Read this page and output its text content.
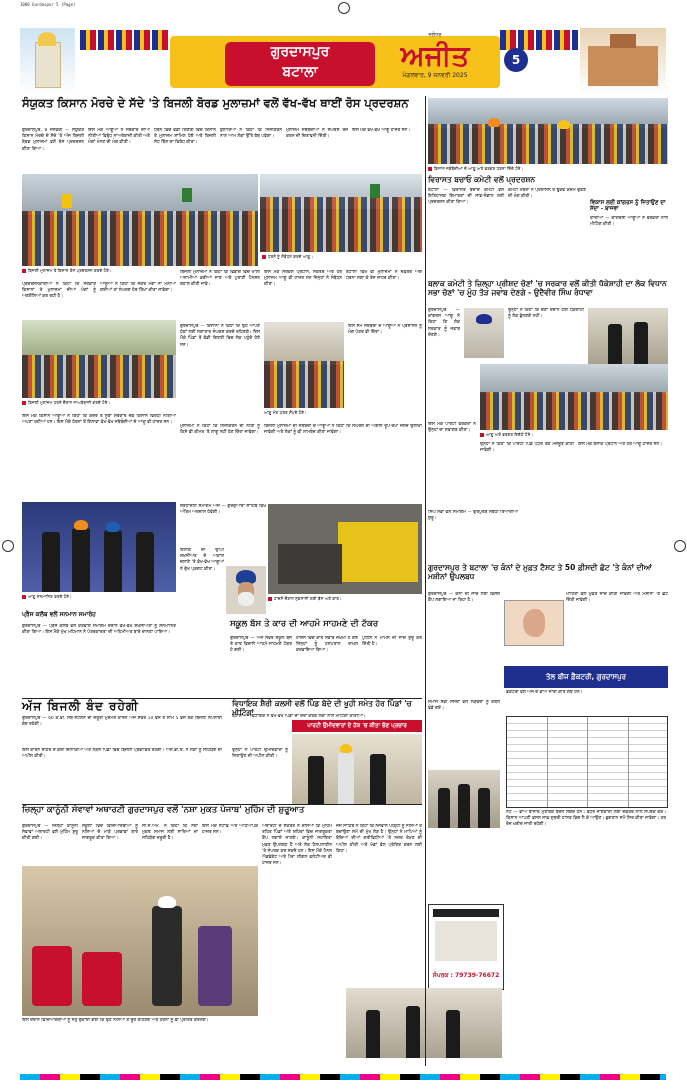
1000 Gurdaspur 5 (Page)
ਗੁਰਦਾਸਪੁਰ
ਬਟਾਲਾ
ਜਲੰਧਰ
ਅਜੀਤ
ਮੰਗਲਵਾਰ, 9 ਜਨਵਰੀ 2025
5
ਸੰਯੁਕਤ ਕਿਸਾਨ ਮੋਰਚੇ ਦੇ ਸੱਦੇ 'ਤੇ ਬਿਜਲੀ ਬੋਰਡ ਮੁਲਾਜ਼ਮਾਂ ਵਲੋਂ ਵੱਖ-ਵੱਖ ਥਾਈਂ ਰੋਸ ਪ੍ਰਦਰਸ਼ਨ
ਗੁਰਦਾਸਪੁਰ, 8 ਜਨਵਰੀ — ਸੰਯੁਕਤ ਕਿਸਾਨ ਮੋਰਚੇ ਦੇ ਸੱਦੇ 'ਤੇ ਅੱਜ ਬਿਜਲੀ ਬੋਰਡ ਮੁਲਾਜ਼ਮਾਂ ਵਲੋਂ ਰੋਸ ਪ੍ਰਦਰਸ਼ਨ ਕੀਤਾ ਗਿਆ।
ਇਸ ਮੌਕੇ ਆਗੂਆਂ ਨੇ ਸਰਕਾਰ ਦੀਆਂ ਨੀਤੀਆਂ ਵਿਰੁੱਧ ਨਾਅਰੇਬਾਜ਼ੀ ਕੀਤੀ ਅਤੇ ਮੰਗਾਂ ਮੰਨਣ ਦੀ ਮੰਗ ਕੀਤੀ।
ਧਰਨੇ ਵਿਚ ਵੱਡੀ ਗਿਣਤੀ ਵਿਚ ਕਿਸਾਨ ਤੇ ਮੁਲਾਜ਼ਮ ਸ਼ਾਮਿਲ ਹੋਏ ਅਤੇ ਬਿਜਲੀ ਸੋਧ ਬਿੱਲ ਦਾ ਵਿਰੋਧ ਕੀਤਾ।
ਬੁਲਾਰਿਆਂ ਨੇ ਕਿਹਾ ਕਿ ਨਿੱਜੀਕਰਨ ਨਾਲ ਆਮ ਲੋਕਾਂ ਉੱਤੇ ਬੋਝ ਪਵੇਗਾ।
ਮੁਲਾਜ਼ਮ ਜਥੇਬੰਦੀਆਂ ਨੇ ਸੰਘਰਸ਼ ਤੇਜ਼ ਕਰਨ ਦੀ ਚਿਤਾਵਨੀ ਦਿੱਤੀ।
ਇਸ ਮੌਕੇ ਵੱਖ-ਵੱਖ ਆਗੂ ਹਾਜ਼ਰ ਸਨ।
ਧਰਨੇ ਨੂੰ ਸੰਬੋਧਨ ਕਰਦੇ ਆਗੂ।
ਬਿਜਲੀ ਮੁਲਾਜ਼ਮ ਤੇ ਕਿਸਾਨ ਰੋਸ ਪ੍ਰਦਰਸ਼ਨ ਕਰਦੇ ਹੋਏ।
ਪ੍ਰਦਰਸ਼ਨਕਾਰੀਆਂ ਨੇ ਕਿਹਾ ਕਿ ਸਰਕਾਰ ਕਿਸਾਨਾਂ ਤੇ ਮੁਲਾਜ਼ਮਾਂ ਦੀਆਂ ਮੰਗਾਂ ਨੂੰ ਅਣਗੌਲਿਆਂ ਕਰ ਰਹੀ ਹੈ।
ਆਗੂਆਂ ਨੇ ਕਿਹਾ ਕਿ ਜੇਕਰ ਮੰਗਾਂ ਨਾ ਮੰਨੀਆਂ ਗਈਆਂ ਤਾਂ ਸੰਘਰਸ਼ ਹੋਰ ਤਿੱਖਾ ਕੀਤਾ ਜਾਵੇਗਾ।
ਬਿਜਲੀ ਮੁਲਾਜ਼ਮਾਂ ਨੇ ਕਿਹਾ ਕਿ ਵਿਭਾਗ ਵਿਚ ਖਾਲੀ ਅਸਾਮੀਆਂ ਭਰੀਆਂ ਜਾਣ ਅਤੇ ਪੁਰਾਣੀ ਪੈਨਸ਼ਨ ਬਹਾਲ ਕੀਤੀ ਜਾਵੇ।
ਇਸ ਮੌਕੇ ਸਰਕਲ ਪ੍ਰਧਾਨ, ਸਕੱਤਰ ਅਤੇ ਹੋਰ ਮੁਲਾਜ਼ਮ ਆਗੂ ਵੀ ਹਾਜ਼ਰ ਸਨ ਜਿਨ੍ਹਾਂ ਨੇ ਸੰਬੋਧਨ ਕੀਤਾ।
ਬਟਾਲਾ ਵਿਖੇ ਵੀ ਮੁਲਾਜ਼ਮਾਂ ਨੇ ਦਫ਼ਤਰ ਅੱਗੇ ਧਰਨਾ ਲਗਾ ਕੇ ਰੋਸ ਜ਼ਾਹਰ ਕੀਤਾ।
ਬਿਜਲੀ ਮੁਲਾਜ਼ਮ ਧਰਨੇ ਦੌਰਾਨ ਨਾਅਰੇਬਾਜ਼ੀ ਕਰਦੇ ਹੋਏ।
ਗੁਰਦਾਸਪੁਰ — ਕਿਸਾਨਾਂ ਨੇ ਕਿਹਾ ਕਿ ਉਹ ਆਪਣੇ ਹੱਕਾਂ ਲਈ ਲਗਾਤਾਰ ਸੰਘਰਸ਼ ਕਰਦੇ ਰਹਿਣਗੇ। ਇਸ ਮੌਕੇ ਪਿੰਡਾਂ ਤੋਂ ਵੱਡੀ ਗਿਣਤੀ ਵਿਚ ਲੋਕ ਪਹੁੰਚੇ ਹੋਏ ਸਨ।
ਆਗੂ ਮੰਗ ਪੱਤਰ ਸੌਂਪਦੇ ਹੋਏ।
ਇਸ ਸਮੇਂ ਜਥੇਬੰਦੀ ਦੇ ਆਗੂਆਂ ਨੇ ਪ੍ਰਸ਼ਾਸਨ ਨੂੰ ਮੰਗ ਪੱਤਰ ਵੀ ਦਿੱਤਾ।
ਇਸ ਮੌਕੇ ਕਿਸਾਨ ਆਗੂਆਂ ਨੇ ਕਿਹਾ ਕਿ ਕੇਂਦਰ ਤੇ ਸੂਬਾ ਸਰਕਾਰ ਦੋਵੇਂ ਕਿਸਾਨ ਵਿਰੋਧੀ ਨੀਤੀਆਂ ਅਪਣਾ ਰਹੀਆਂ ਹਨ। ਇਸ ਮੌਕੇ ਹੋਰਨਾਂ ਤੋਂ ਇਲਾਵਾ ਵੱਖ-ਵੱਖ ਜਥੇਬੰਦੀਆਂ ਦੇ ਆਗੂ ਵੀ ਹਾਜ਼ਰ ਸਨ।
ਮੁਲਾਜ਼ਮਾਂ ਨੇ ਕਿਹਾ ਕਿ ਨਿੱਜੀਕਰਨ ਦੀ ਨੀਤੀ ਨੂੰ ਕਿਸੇ ਵੀ ਕੀਮਤ 'ਤੇ ਲਾਗੂ ਨਹੀਂ ਹੋਣ ਦਿੱਤਾ ਜਾਵੇਗਾ।
ਬਿਜਲੀ ਮੁਲਾਜ਼ਮਾਂ ਦੀ ਜਥੇਬੰਦੀ ਦੇ ਆਗੂਆਂ ਨੇ ਕਿਹਾ ਕਿ ਸੰਘਰਸ਼ ਦੀ ਅਗਲੀ ਰੂਪ-ਰੇਖਾ ਜਲਦ ਉਲੀਕੀ ਜਾਵੇਗੀ ਅਤੇ ਲੋਕਾਂ ਨੂੰ ਵੀ ਲਾਮਬੰਦ ਕੀਤਾ ਜਾਵੇਗਾ।
ਆਗੂ ਸਨਮਾਨਿਤ ਕਰਦੇ ਹੋਏ।
ਪ੍ਰੈਸ ਕਲੱਬ ਵਲੋਂ ਸਨਮਾਨ ਸਮਾਰੋਹ
ਗੁਰਦਾਸਪੁਰ — ਪ੍ਰੈਸ ਕਲੱਬ ਵਲੋਂ ਕਰਵਾਏ ਸਮਾਗਮ ਦੌਰਾਨ ਵੱਖ-ਵੱਖ ਸ਼ਖ਼ਸੀਅਤਾਂ ਨੂੰ ਸਨਮਾਨਿਤ ਕੀਤਾ ਗਿਆ। ਇਸ ਮੌਕੇ ਮੁੱਖ ਮਹਿਮਾਨ ਨੇ ਪੱਤਰਕਾਰਤਾ ਦੀ ਅਹਿਮੀਅਤ ਬਾਰੇ ਚਾਨਣਾ ਪਾਇਆ।
ਸ਼ਰਧਾਂਜਲੀ ਸਮਾਗਮ ਅੱਜ — ਗੁਰਦੁਆਰਾ ਸਾਹਿਬ ਵਿਖੇ ਅੰਤਿਮ ਅਰਦਾਸ ਹੋਵੇਗੀ।
ਇਲਾਕੇ ਦੀ ਉੱਘੀ ਸ਼ਖ਼ਸੀਅਤ ਦੇ ਅਕਾਲ ਚਲਾਣੇ 'ਤੇ ਵੱਖ-ਵੱਖ ਆਗੂਆਂ ਨੇ ਦੁੱਖ ਪ੍ਰਗਟ ਕੀਤਾ।
ਹਾਦਸੇ ਦੌਰਾਨ ਨੁਕਸਾਨੀ ਗਈ ਬੱਸ ਅਤੇ ਕਾਰ।
ਸਕੂਲ ਬੱਸ ਤੇ ਕਾਰ ਦੀ ਆਹਮੋ ਸਾਹਮਣੇ ਦੀ ਟੱਕਰ
ਗੁਰਦਾਸਪੁਰ — ਅੱਜ ਸਵੇਰੇ ਸਕੂਲ ਬੱਸ ਤੇ ਕਾਰ ਵਿਚਾਲੇ ਆਹਮੋ-ਸਾਹਮਣੇ ਟੱਕਰ ਹੋ ਗਈ।
ਹਾਦਸੇ ਵਿਚ ਕਾਰ ਸਵਾਰ ਜ਼ਖ਼ਮੀ ਹੋ ਗਏ ਜਿਨ੍ਹਾਂ ਨੂੰ ਹਸਪਤਾਲ ਦਾਖ਼ਲ ਕਰਵਾਇਆ ਗਿਆ।
ਪੁਲਿਸ ਨੇ ਮਾਮਲੇ ਦੀ ਜਾਂਚ ਸ਼ੁਰੂ ਕਰ ਦਿੱਤੀ ਹੈ।
ਅੱਜ ਬਿਜਲੀ ਬੰਦ ਰਹੇਗੀ
ਗੁਰਦਾਸਪੁਰ — 66 ਕੇ.ਵੀ. ਸਬ-ਸਟੇਸ਼ਨ ਦੀ ਜ਼ਰੂਰੀ ਮੁਰੰਮਤ ਕਾਰਨ ਅੱਜ ਸਵੇਰੇ 10 ਵਜੇ ਤੋਂ ਸ਼ਾਮ 5 ਵਜੇ ਤੱਕ ਬਿਜਲੀ ਸਪਲਾਈ ਬੰਦ ਰਹੇਗੀ।
ਵਿਧਾਇਕ ਸ਼ੈਰੀ ਕਲਸੀ ਵਲੋਂ ਪਿੰਡ ਬੋਦੇ ਦੀ ਖੂਹੀ ਸਮੇਤ ਹੋਰ ਪਿੰਡਾਂ 'ਚ ਮੀਟਿੰਗਾਂ
ਬਟਾਲਾ — ਵਿਧਾਇਕ ਨੇ ਵੱਖ-ਵੱਖ ਪਿੰਡਾਂ ਦਾ ਦੌਰਾ ਕਰਕੇ ਲੋਕਾਂ ਨਾਲ ਮੀਟਿੰਗਾਂ ਕੀਤੀਆਂ।
ਪਾਰਟੀ ਉਮੀਦਵਾਰਾਂ ਦੇ ਹੱਕ 'ਚ ਕੀਤਾ ਚੋਣ ਪ੍ਰਚਾਰ
ਇਸ ਕਾਰਨ ਸ਼ਹਿਰ ਦੇ ਕਈ ਇਲਾਕਿਆਂ ਅਤੇ ਨੇੜਲੇ ਪਿੰਡਾਂ ਵਿਚ ਬਿਜਲੀ ਪ੍ਰਭਾਵਿਤ ਰਹੇਗੀ। ਐਸ.ਡੀ.ਓ. ਨੇ ਲੋਕਾਂ ਨੂੰ ਸਹਿਯੋਗ ਦੀ ਅਪੀਲ ਕੀਤੀ।
ਉਨ੍ਹਾਂ ਨੇ ਪਾਰਟੀ ਉਮੀਦਵਾਰਾਂ ਨੂੰ ਜਿਤਾਉਣ ਦੀ ਅਪੀਲ ਕੀਤੀ।
ਜ਼ਿਲ੍ਹਾ ਕਾਨੂੰਨੀ ਸੇਵਾਵਾਂ ਅਥਾਰਟੀ ਗੁਰਦਾਸਪੁਰ ਵਲੋਂ 'ਨਸ਼ਾ ਮੁਕਤ ਪੰਜਾਬ' ਮੁਹਿੰਮ ਦੀ ਸ਼ੁਰੂਆਤ
ਗੁਰਦਾਸਪੁਰ — ਜ਼ਿਲ੍ਹਾ ਕਾਨੂੰਨੀ ਸੇਵਾਵਾਂ ਅਥਾਰਟੀ ਵਲੋਂ ਮੁਹਿੰਮ ਸ਼ੁਰੂ ਕੀਤੀ ਗਈ।
ਸਕੂਲਾਂ ਵਿਚ ਵਿਦਿਆਰਥੀਆਂ ਨੂੰ ਨਸ਼ਿਆਂ ਦੇ ਮਾੜੇ ਪ੍ਰਭਾਵਾਂ ਬਾਰੇ ਜਾਗਰੂਕ ਕੀਤਾ ਗਿਆ।
ਸੀ.ਜੇ.ਐਮ. ਨੇ ਕਿਹਾ ਕਿ ਨਸ਼ਾ ਮੁਕਤ ਸਮਾਜ ਲਈ ਸਾਰਿਆਂ ਦਾ ਸਹਿਯੋਗ ਜ਼ਰੂਰੀ ਹੈ।
ਇਸ ਮੌਕੇ ਸਟਾਫ਼ ਅਤੇ ਅਧਿਆਪਕ ਹਾਜ਼ਰ ਸਨ।
ਇਸ ਦੌਰਾਨ ਵਿਦਿਆਰਥੀਆਂ ਨੂੰ ਸਹੁੰ ਚੁਕਾਈ ਗਈ ਕਿ ਉਹ ਨਸ਼ਿਆਂ ਤੋਂ ਦੂਰ ਰਹਿਣਗੇ ਅਤੇ ਹੋਰਨਾਂ ਨੂੰ ਵੀ ਪ੍ਰੇਰਿਤ ਕਰਨਗੇ।
ਅਥਾਰਟੀ ਦੇ ਸਕੱਤਰ ਨੇ ਦੱਸਿਆ ਕਿ ਮੁਹਿੰਮ ਤਹਿਤ ਪਿੰਡਾਂ ਅਤੇ ਸ਼ਹਿਰਾਂ ਵਿਚ ਜਾਗਰੂਕਤਾ ਕੈਂਪ ਲਗਾਏ ਜਾਣਗੇ। ਕਾਨੂੰਨੀ ਸਹਾਇਤਾ ਮੁਫ਼ਤ ਉਪਲਬਧ ਹੈ ਅਤੇ ਲੋਕ ਹੈਲਪਲਾਈਨ 'ਤੇ ਸੰਪਰਕ ਕਰ ਸਕਦੇ ਹਨ। ਇਸ ਮੌਕੇ ਪੈਨਲ ਐਡਵੋਕੇਟ ਅਤੇ ਪੈਰਾ ਲੀਗਲ ਵਲੰਟੀਅਰ ਵੀ ਹਾਜ਼ਰ ਸਨ।
ਜੱਜ ਸਾਹਿਬ ਨੇ ਕਿਹਾ ਕਿ ਨੌਜਵਾਨ ਪੀੜ੍ਹੀ ਨੂੰ ਨਸ਼ਿਆਂ ਤੋਂ ਬਚਾਉਣਾ ਸਮੇਂ ਦੀ ਮੁੱਖ ਲੋੜ ਹੈ। ਉਨ੍ਹਾਂ ਨੇ ਮਾਪਿਆਂ ਨੂੰ ਬੱਚਿਆਂ ਦੀਆਂ ਗਤੀਵਿਧੀਆਂ 'ਤੇ ਨਜ਼ਰ ਰੱਖਣ ਦੀ ਅਪੀਲ ਕੀਤੀ ਅਤੇ ਖੇਡਾਂ ਵੱਲ ਪ੍ਰੇਰਿਤ ਕਰਨ ਲਈ ਕਿਹਾ।
ਕਿਸਾਨ ਜਥੇਬੰਦੀਆਂ ਦੇ ਆਗੂ ਅਤੇ ਵਰਕਰ ਧਰਨਾ ਦਿੰਦੇ ਹੋਏ।
ਵਿਰਾਸਤ ਬਚਾਓ ਕਮੇਟੀ ਵਲੋਂ ਪ੍ਰਦਰਸ਼ਨ
ਬਟਾਲਾ — ਵਿਰਾਸਤ ਬਚਾਓ ਕਮੇਟੀ ਵਲੋਂ ਇਤਿਹਾਸਕ ਇਮਾਰਤਾਂ ਦੀ ਸਾਂਭ-ਸੰਭਾਲ ਲਈ ਪ੍ਰਦਰਸ਼ਨ ਕੀਤਾ ਗਿਆ।
ਕਮੇਟੀ ਮੈਂਬਰਾਂ ਨੇ ਪ੍ਰਸ਼ਾਸਨ ਤੋਂ ਢੁਕਵੇਂ ਕਦਮ ਚੁੱਕਣ ਦੀ ਮੰਗ ਕੀਤੀ।
ਵਿਕਾਸ ਲਈ ਕਾਂਗਰਸ ਨੂੰ ਜਿਤਾਉਣ ਦਾ ਸੱਦਾ - ਬਾਜਵਾ
ਕਾਦੀਆਂ — ਕਾਂਗਰਸੀ ਆਗੂਆਂ ਨੇ ਵਰਕਰਾਂ ਨਾਲ ਮੀਟਿੰਗ ਕੀਤੀ।
ਬਲਾਕ ਕਮੇਟੀ ਤੇ ਜ਼ਿਲ੍ਹਾ ਪ੍ਰੀਸ਼ਦ ਚੋਣਾਂ 'ਚ ਸਰਕਾਰ ਵਲੋਂ ਕੀਤੀ ਧੱਕੇਸ਼ਾਹੀ ਦਾ ਲੋਕ ਵਿਧਾਨ ਸਭਾ ਚੋਣਾਂ 'ਚ ਮੂੰਹ ਤੋੜ ਜਵਾਬ ਦੇਣਗੇ - ਉਦੈਵੀਰ ਸਿੰਘ ਰੰਧਾਵਾ
ਗੁਰਦਾਸਪੁਰ — ਕਾਂਗਰਸ ਆਗੂ ਨੇ ਕਿਹਾ ਕਿ ਲੋਕ ਸਰਕਾਰ ਨੂੰ ਜਵਾਬ ਦੇਣਗੇ।
ਉਨ੍ਹਾਂ ਨੇ ਕਿਹਾ ਕਿ ਚੋਣਾਂ ਦੌਰਾਨ ਹੋਈ ਧੱਕੇਸ਼ਾਹੀ ਨੂੰ ਲੋਕ ਭੁੱਲਣਗੇ ਨਹੀਂ।
ਆਗੂ ਅਤੇ ਵਰਕਰ ਇਕੱਠੇ ਹੋਏ।
ਇਸ ਮੌਕੇ ਪਾਰਟੀ ਵਰਕਰਾਂ ਨੇ ਉਨ੍ਹਾਂ ਦਾ ਸਵਾਗਤ ਕੀਤਾ।
ਉਨ੍ਹਾਂ ਨੇ ਕਿਹਾ ਕਿ ਪਾਰਟੀ ਪਿੰਡ ਪੱਧਰ ਤੱਕ ਮਜ਼ਬੂਤ ਕੀਤੀ ਜਾਵੇਗੀ।
ਇਸ ਮੌਕੇ ਬਲਾਕ ਪ੍ਰਧਾਨ ਅਤੇ ਹੋਰ ਆਗੂ ਹਾਜ਼ਰ ਸਨ।
ਸਿੰਘ ਸਭਾ ਵਲੋਂ ਸਮਾਗਮ — ਗੁਰਪੁਰਬ ਸਬੰਧੀ ਤਿਆਰੀਆਂ ਸ਼ੁਰੂ।
ਗੁਰਦਾਸਪੁਰ ਤੇ ਬਟਾਲਾ 'ਚ ਕੰਨਾਂ ਦੇ ਮੁਫ਼ਤ ਟੈਸਟ ਤੇ 50 ਫ਼ੀਸਦੀ ਛੋਟ 'ਤੇ ਕੰਨਾਂ ਦੀਆਂ ਮਸ਼ੀਨਾਂ ਉਪਲਬਧ
ਗੁਰਦਾਸਪੁਰ — ਕੰਨਾਂ ਦੀ ਜਾਂਚ ਲਈ ਵਿਸ਼ੇਸ਼ ਕੈਂਪ ਲਗਾਇਆ ਜਾ ਰਿਹਾ ਹੈ।
ਮਾਹਿਰਾਂ ਵਲੋਂ ਮੁਫ਼ਤ ਜਾਂਚ ਕੀਤੀ ਜਾਵੇਗੀ ਅਤੇ ਮਸ਼ੀਨਾਂ 'ਤੇ ਛੋਟ ਦਿੱਤੀ ਜਾਵੇਗੀ।
ਤੇਲ ਬੀਜ ਫ਼ੈਕਟਰੀ, ਗੁਰਦਾਸਪੁਰ
ਫ਼ੈਕਟਰੀ ਵਲੋਂ ਅੱਜ ਦੇ ਭਾਅ ਜਾਰੀ ਕੀਤੇ ਗਏ ਹਨ।
ਨੋਟ — ਭਾਅ ਬਾਜ਼ਾਰ ਮੁਤਾਬਕ ਬਦਲ ਸਕਦੇ ਹਨ। ਵਧੇਰੇ ਜਾਣਕਾਰੀ ਲਈ ਦਫ਼ਤਰ ਨਾਲ ਸੰਪਰਕ ਕਰੋ। ਕਿਸਾਨ ਆਪਣੀ ਫ਼ਸਲ ਸਾਫ਼-ਸੁਥਰੀ ਹਾਲਤ ਵਿਚ ਲੈ ਕੇ ਆਉਣ। ਭੁਗਤਾਨ ਸਮੇਂ ਸਿਰ ਕੀਤਾ ਜਾਵੇਗਾ। ਹਰ ਰੋਜ਼ ਖ਼ਰੀਦ ਜਾਰੀ ਰਹੇਗੀ।
ਸਮਾਜ ਸੇਵੀ ਸੰਸਥਾ ਵਲੋਂ ਲੋੜਵੰਦਾਂ ਨੂੰ ਕੰਬਲ ਵੰਡੇ ਗਏ।
ਸੰਪਰਕ : 79739-76672
